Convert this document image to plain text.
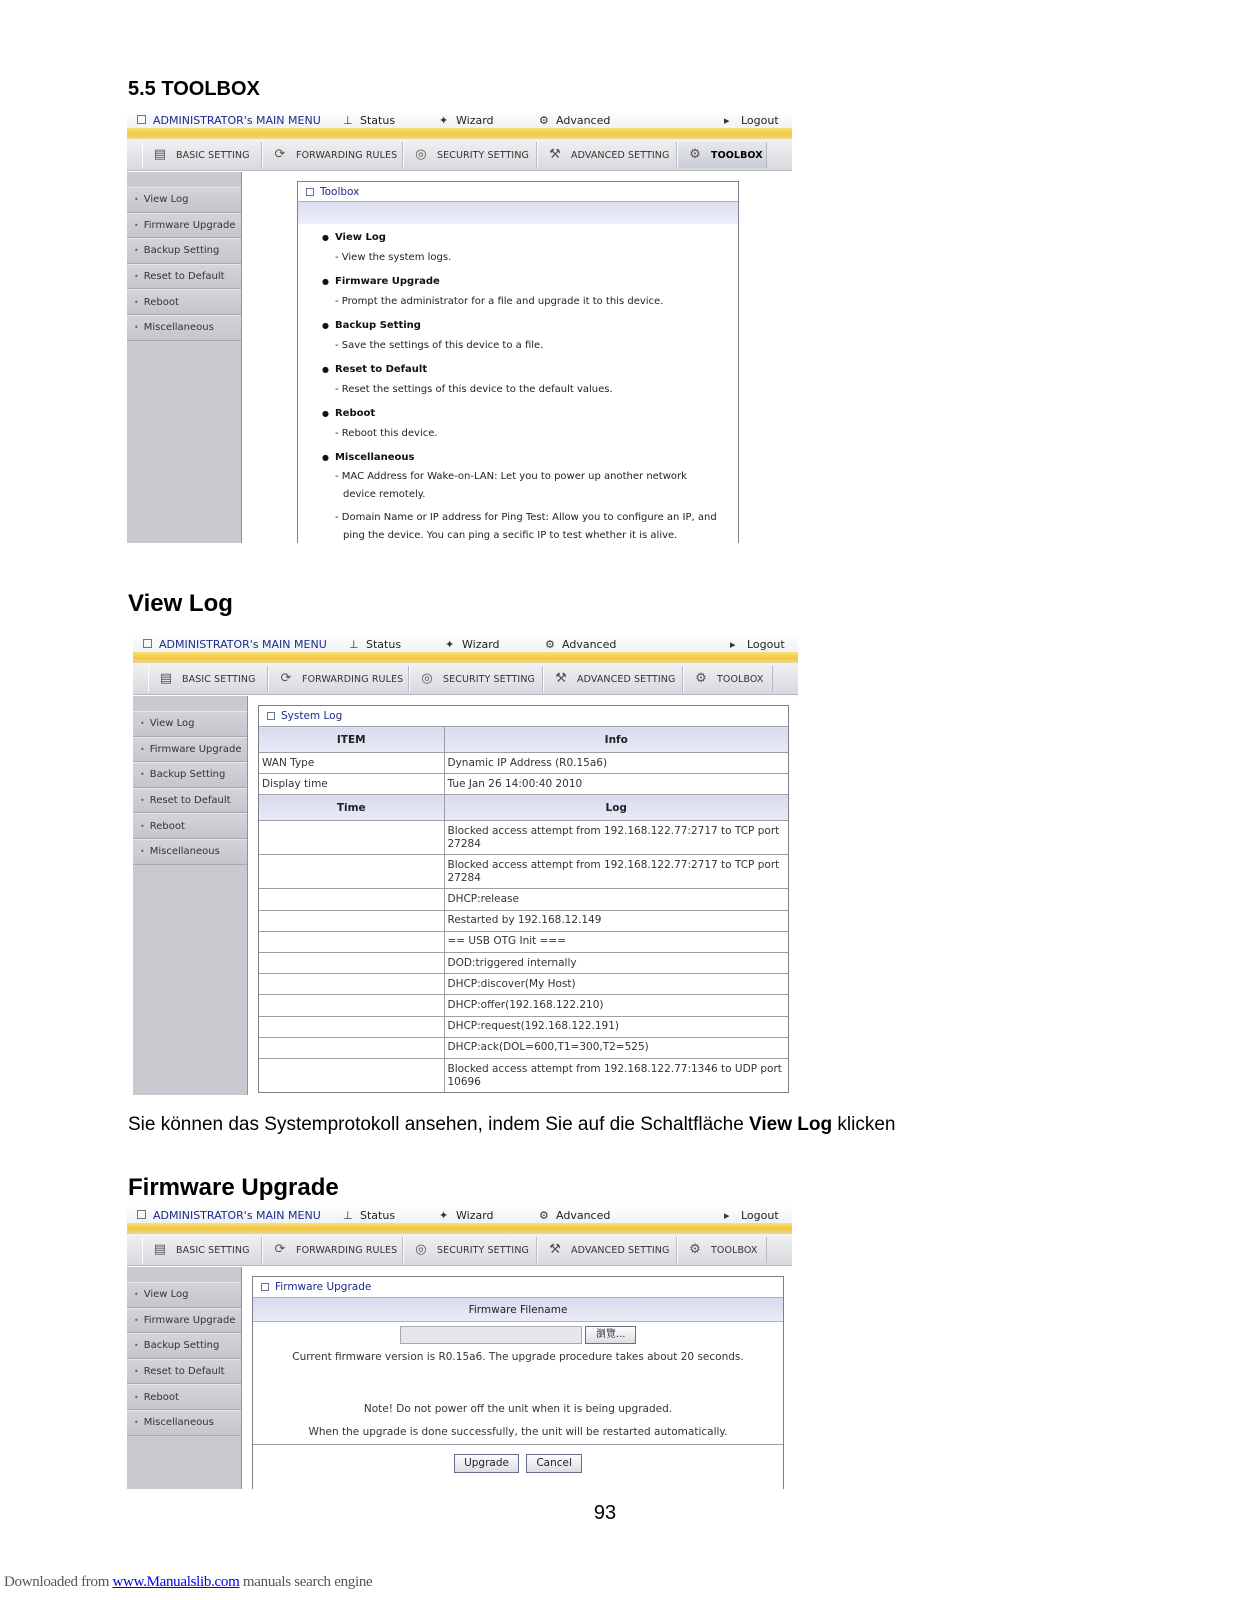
5.5 TOOLBOX
ADMINISTRATOR's MAIN MENU ⊥ Status	✦ Wizard	⚙ Advanced	▸ Logout
▤	BASIC SETTING	⟳	FORWARDING RULES	◎	SECURITY SETTING	⚒	ADVANCED SETTING	⚙	TOOLBOX
• View Log
• Firmware Upgrade
• Backup Setting
• Reset to Default
• Reboot
• Miscellaneous
Toolbox
● View Log
- View the system logs.
● Firmware Upgrade
- Prompt the administrator for a file and upgrade it to this device.
● Backup Setting
- Save the settings of this device to a file.
● Reset to Default
- Reset the settings of this device to the default values.
● Reboot
- Reboot this device.
● Miscellaneous
- MAC Address for Wake-on-LAN: Let you to power up another network device remotely.
- Domain Name or IP address for Ping Test: Allow you to configure an IP, and ping the device. You can ping a secific IP to test whether it is alive.
View Log
ADMINISTRATOR's MAIN MENU ⊥ Status	✦ Wizard	⚙ Advanced	▸ Logout
▤	BASIC SETTING	⟳	FORWARDING RULES	◎	SECURITY SETTING	⚒	ADVANCED SETTING	⚙	TOOLBOX
• View Log
• Firmware Upgrade
• Backup Setting
• Reset to Default
• Reboot
• Miscellaneous
System Log
ITEM	Info
WAN Type	Dynamic IP Address (R0.15a6)
Display time	Tue Jan 26 14:00:40 2010
Time	Log
	Blocked access attempt from 192.168.122.77:2717 to TCP port 27284
	Blocked access attempt from 192.168.122.77:2717 to TCP port 27284
	DHCP:release
	Restarted by 192.168.12.149
	== USB OTG Init ===
	DOD:triggered internally
	DHCP:discover(My Host)
	DHCP:offer(192.168.122.210)
	DHCP:request(192.168.122.191)
	DHCP:ack(DOL=600,T1=300,T2=525)
	Blocked access attempt from 192.168.122.77:1346 to UDP port 10696
Sie können das Systemprotokoll ansehen, indem Sie auf die Schaltfläche View Log klicken
Firmware Upgrade
ADMINISTRATOR's MAIN MENU ⊥ Status	✦ Wizard	⚙ Advanced	▸ Logout
▤	BASIC SETTING	⟳	FORWARDING RULES	◎	SECURITY SETTING	⚒	ADVANCED SETTING	⚙	TOOLBOX
• View Log
• Firmware Upgrade
• Backup Setting
• Reset to Default
• Reboot
• Miscellaneous
Firmware Upgrade
Firmware Filename
瀏覽...
Current firmware version is R0.15a6. The upgrade procedure takes about 20 seconds.
Note! Do not power off the unit when it is being upgraded.
When the upgrade is done successfully, the unit will be restarted automatically.
Upgrade	Cancel
93
Downloaded from www.Manualslib.com manuals search engine
